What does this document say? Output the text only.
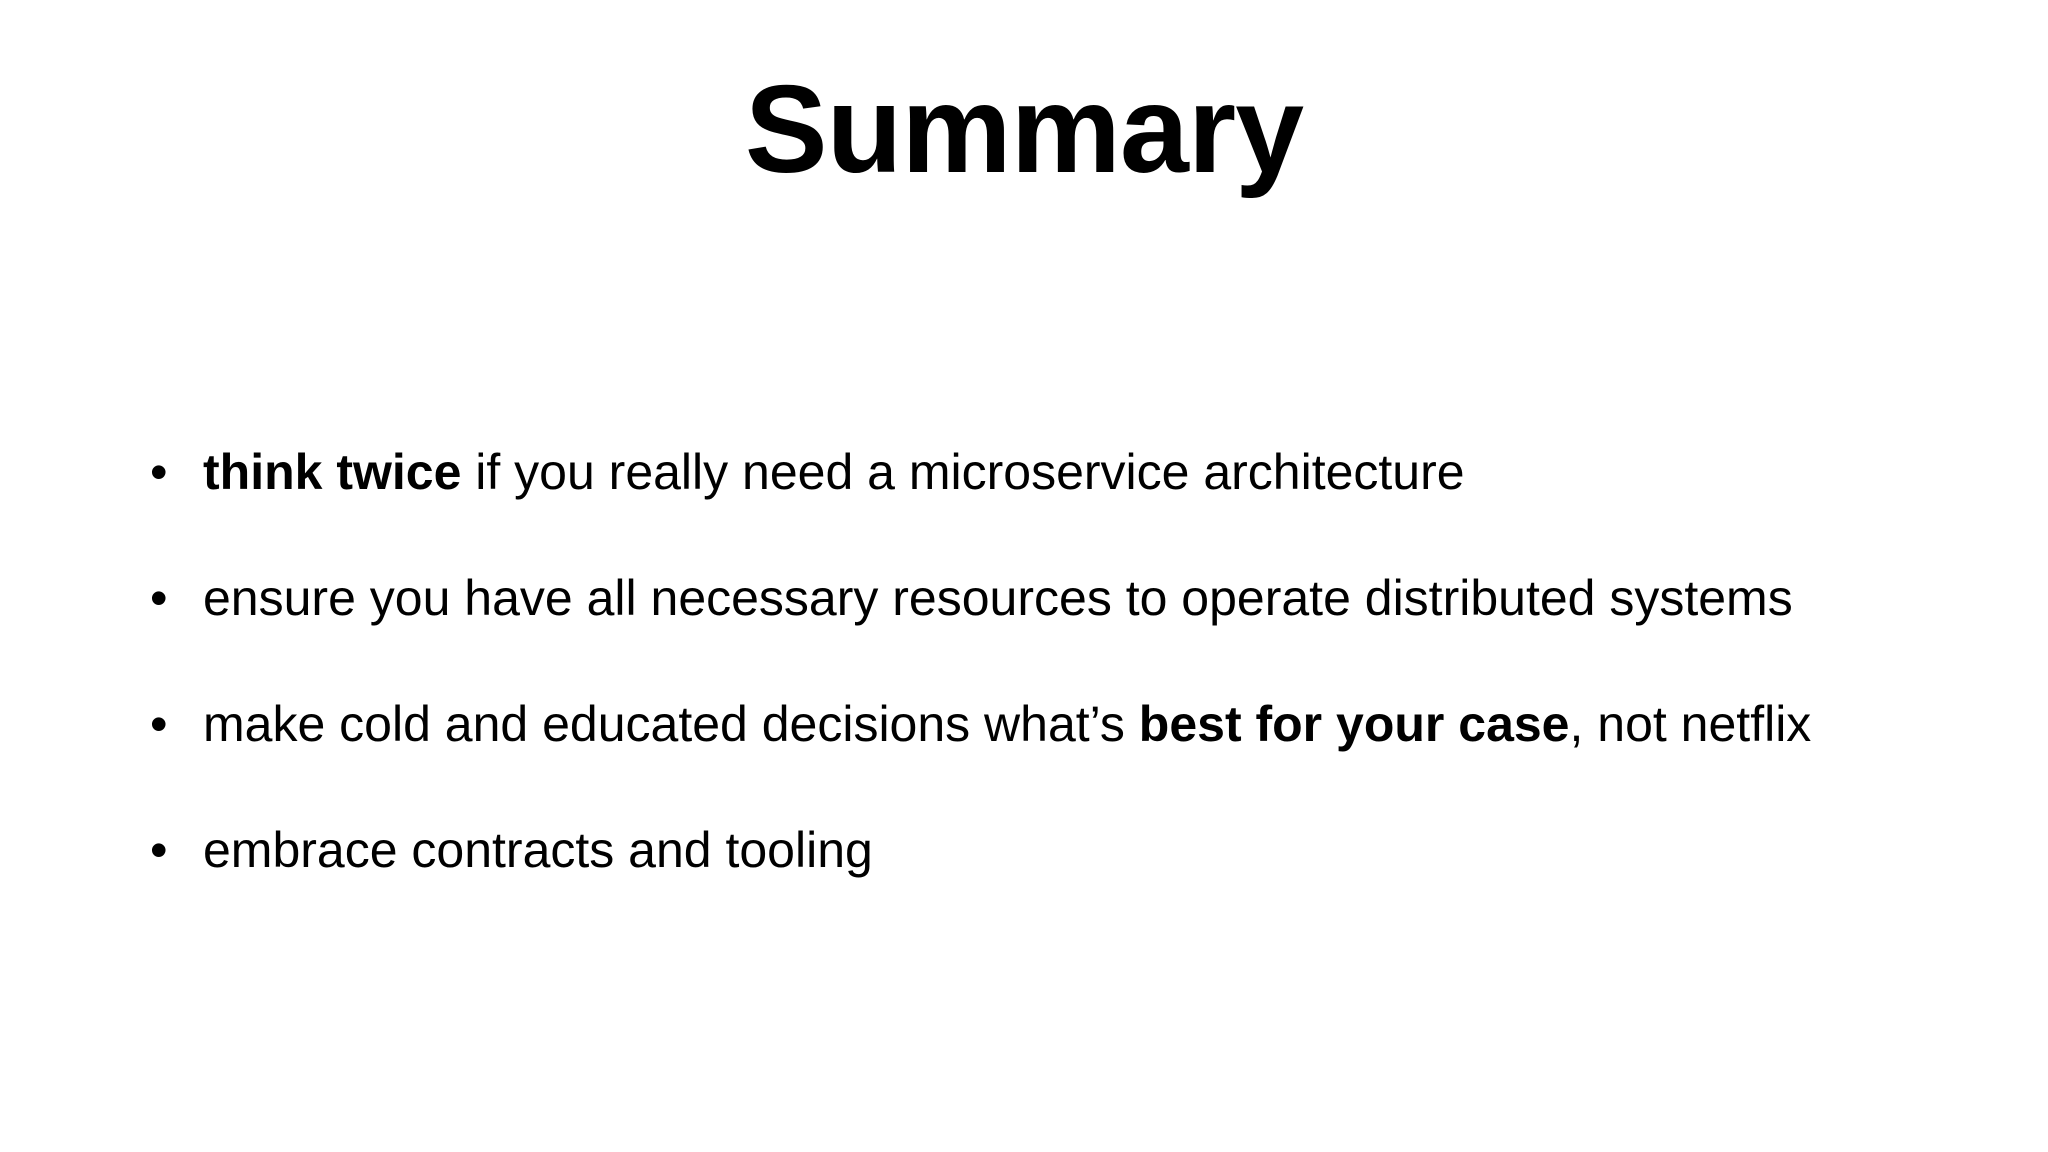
Summary
• think twice if you really need a microservice architecture
• ensure you have all necessary resources to operate distributed systems
• make cold and educated decisions what’s best for your case, not netflix
• embrace contracts and tooling
